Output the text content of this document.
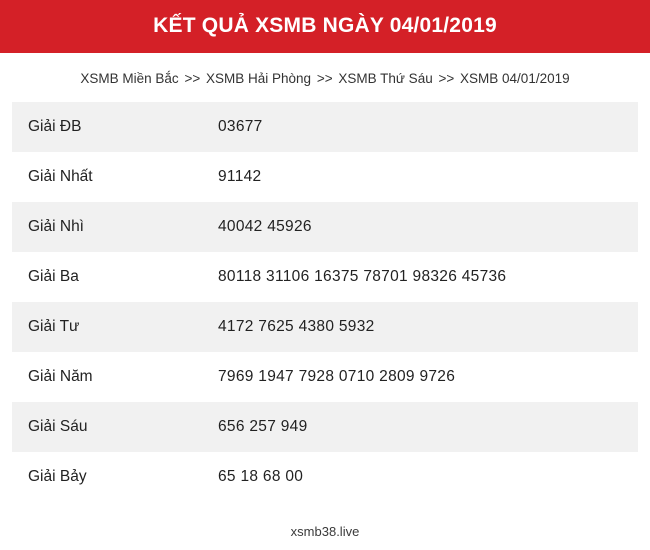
KẾT QUẢ XSMB NGÀY 04/01/2019
XSMB Miền Bắc >> XSMB Hải Phòng >> XSMB Thứ Sáu >> XSMB 04/01/2019
Giải ĐB	03677
Giải Nhất	91142
Giải Nhì	40042 45926
Giải Ba	80118 31106 16375 78701 98326 45736
Giải Tư	4172 7625 4380 5932
Giải Năm	7969 1947 7928 0710 2809 9726
Giải Sáu	656 257 949
Giải Bảy	65 18 68 00
xsmb38.live
